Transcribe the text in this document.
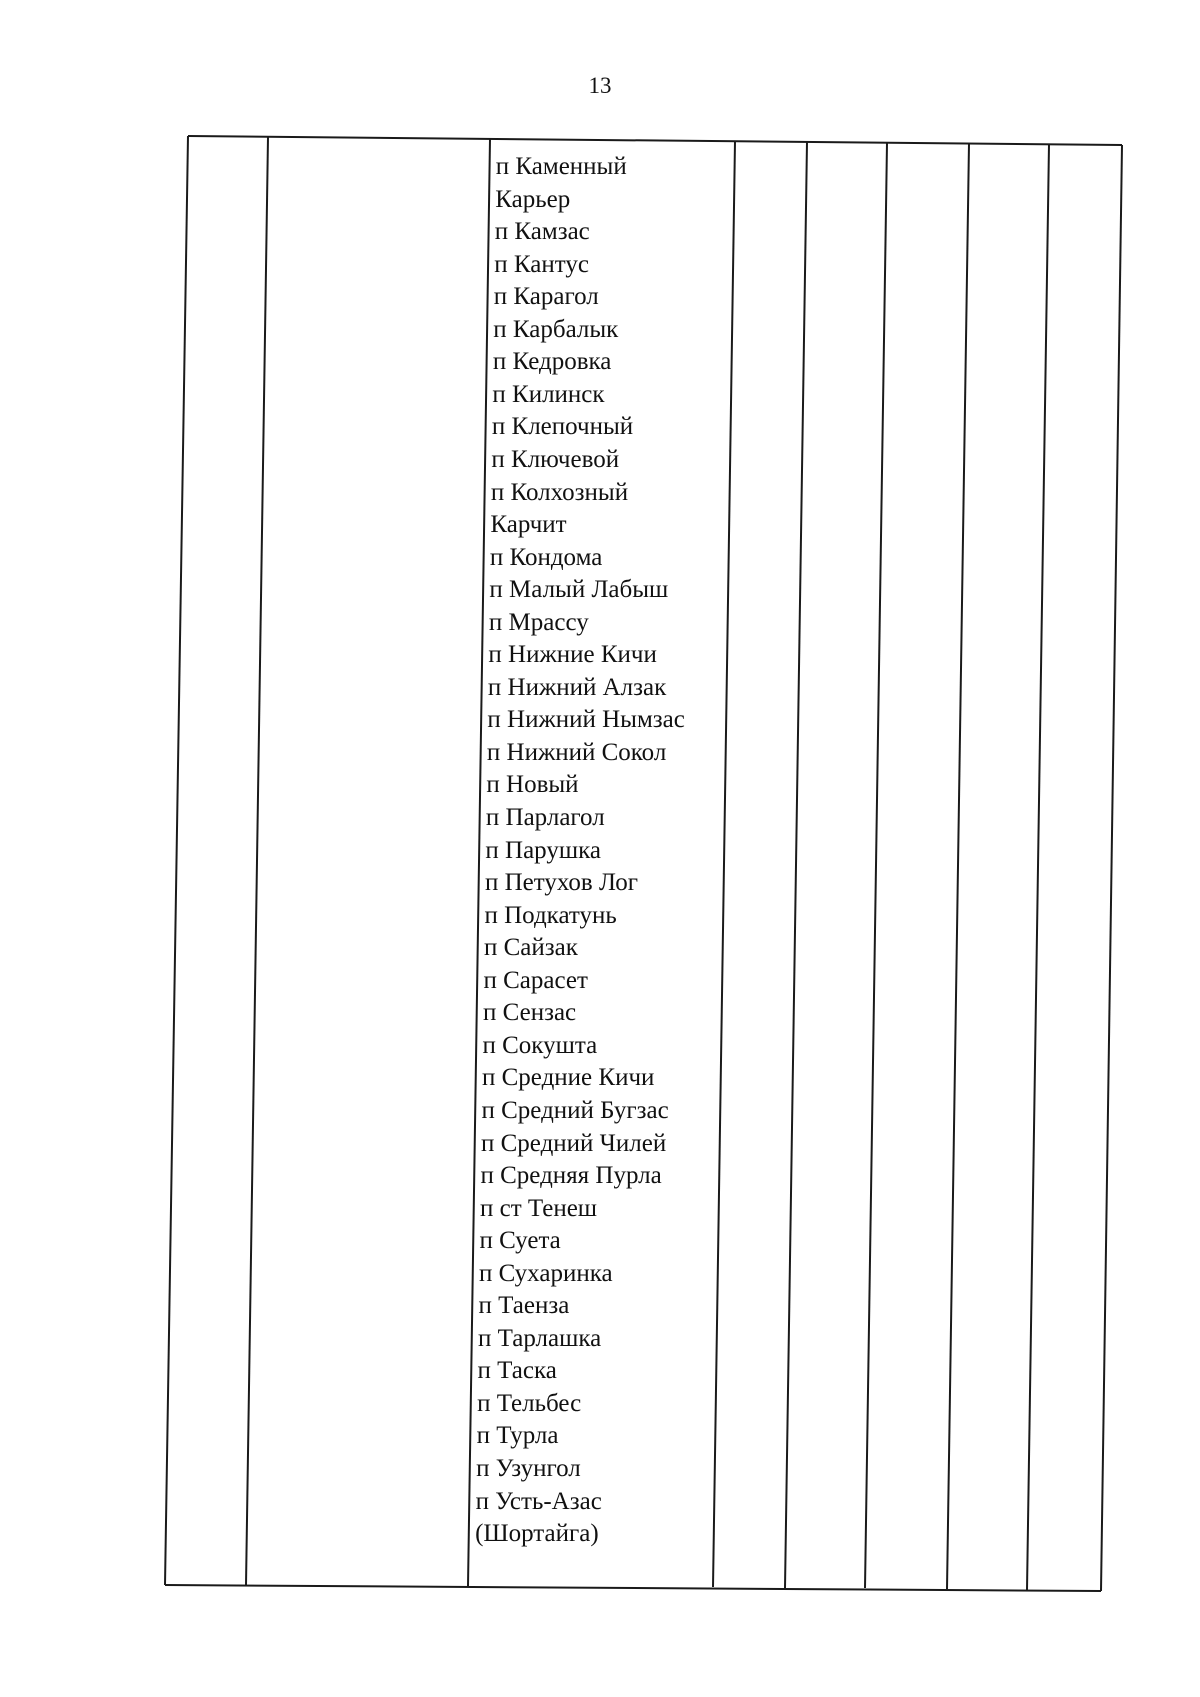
13
п Каменный
Карьер
п Камзас
п Кантус
п Карагол
п Карбалык
п Кедровка
п Килинск
п Клепочный
п Ключевой
п Колхозный
Карчит
п Кондома
п Малый Лабыш
п Мрассу
п Нижние Кичи
п Нижний Алзак
п Нижний Нымзас
п Нижний Сокол
п Новый
п Парлагол
п Парушка
п Петухов Лог
п Подкатунь
п Сайзак
п Сарасет
п Сензас
п Сокушта
п Средние Кичи
п Средний Бугзас
п Средний Чилей
п Средняя Пурла
п ст Тенеш
п Суета
п Сухаринка
п Таенза
п Тарлашка
п Таска
п Тельбес
п Турла
п Узунгол
п Усть-Азас
(Шортайга)
